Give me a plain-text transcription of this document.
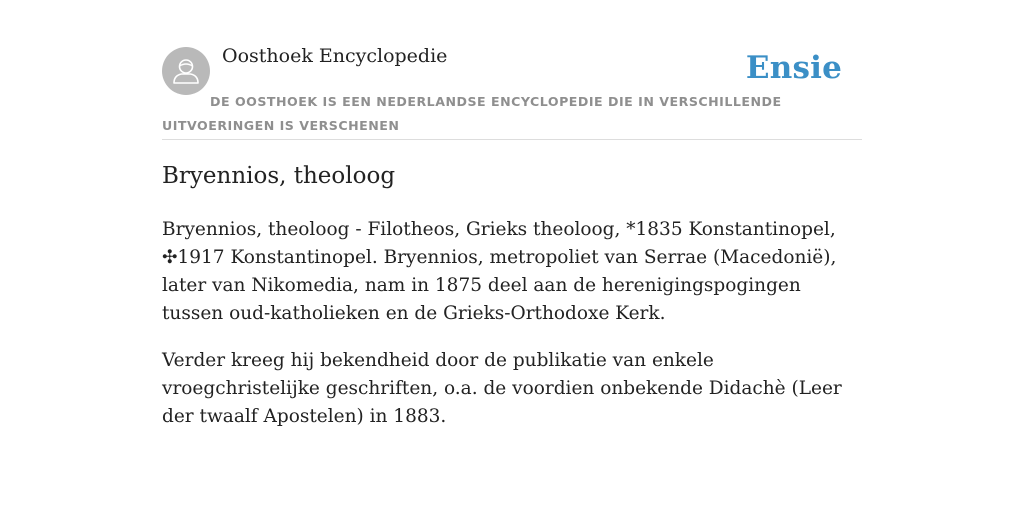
Oosthoek Encyclopedie	Ensie
DE OOSTHOEK IS EEN NEDERLANDSE ENCYCLOPEDIE DIE IN VERSCHILLENDE UITVOERINGEN IS VERSCHENEN
Bryennios, theoloog

Bryennios, theoloog - Filotheos, Grieks theoloog, *1835 Konstantinopel, ✣1917 Konstantinopel. Bryennios, metropoliet van Serrae (Macedonië), later van Nikomedia, nam in 1875 deel aan de herenigingspogingen tussen oud-katholieken en de Grieks-Orthodoxe Kerk.

Verder kreeg hij bekendheid door de publikatie van enkele vroegchristelijke geschriften, o.a. de voordien onbekende Didachè (Leer der twaalf Apostelen) in 1883.
